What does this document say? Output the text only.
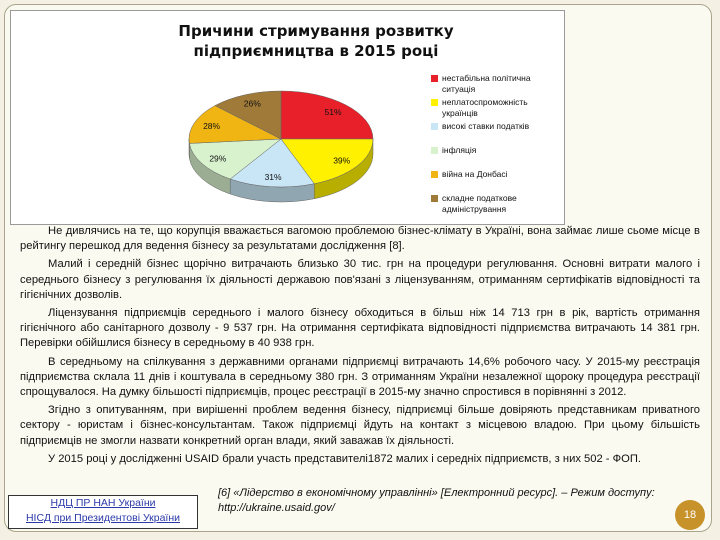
Причини стримування розвитку підприємництва в 2015 році
51%
39%
31%
29%
28%
26%
нестабільна політична ситуація
неплатоспроможність українців
високі ставки податків
інфляція
війна на Донбасі
складне податкове адміністрування

Не дивлячись на те, що корупція вважається вагомою проблемою бізнес-клімату в Україні, вона займає лише сьоме місце в рейтингу перешкод для ведення бізнесу за результатами дослідження [8].

Малий і середній бізнес щорічно витрачають близько 30 тис. грн на процедури регулювання. Основні витрати малого і середнього бізнесу з регулювання їх діяльності державою пов'язані з ліцензуванням, отриманням сертифікатів відповідності та гігієнічних дозволів.

Ліцензування підприємців середнього і малого бізнесу обходиться в більш ніж 14 713 грн в рік, вартість отримання гігієнічного або санітарного дозволу - 9 537 грн. На отримання сертифіката відповідності підприємства витрачають 14 381 грн. Перевірки обійшлися бізнесу в середньому в 40 938 грн.

В середньому на спілкування з державними органами підприємці витрачають 14,6% робочого часу. У 2015-му реєстрація підприємства склала 11 днів і коштувала в середньому 380 грн. З отриманням України незалежної щороку процедура реєстрації спрощувалося. На думку більшості підприємців, процес реєстрації в 2015-му значно спростився в порівнянні з 2012.

Згідно з опитуванням, при вирішенні проблем ведення бізнесу, підприємці більше довіряють представникам приватного сектору - юристам і бізнес-консультантам. Також підприємці йдуть на контакт з місцевою владою. При цьому більшість підприємців не змогли назвати конкретний орган влади, який заважав їх діяльності.

У 2015 році у дослідженні USAID брали участь представителі1872 малих і середніх підприємств, з них 502 - ФОП.

НДЦ ПР НАН України
НІСД при Президентові України
[6] «Лідерство в економічному управлінні» [Електронний ресурс]. – Режим доступу: http://ukraine.usaid.gov/
18
